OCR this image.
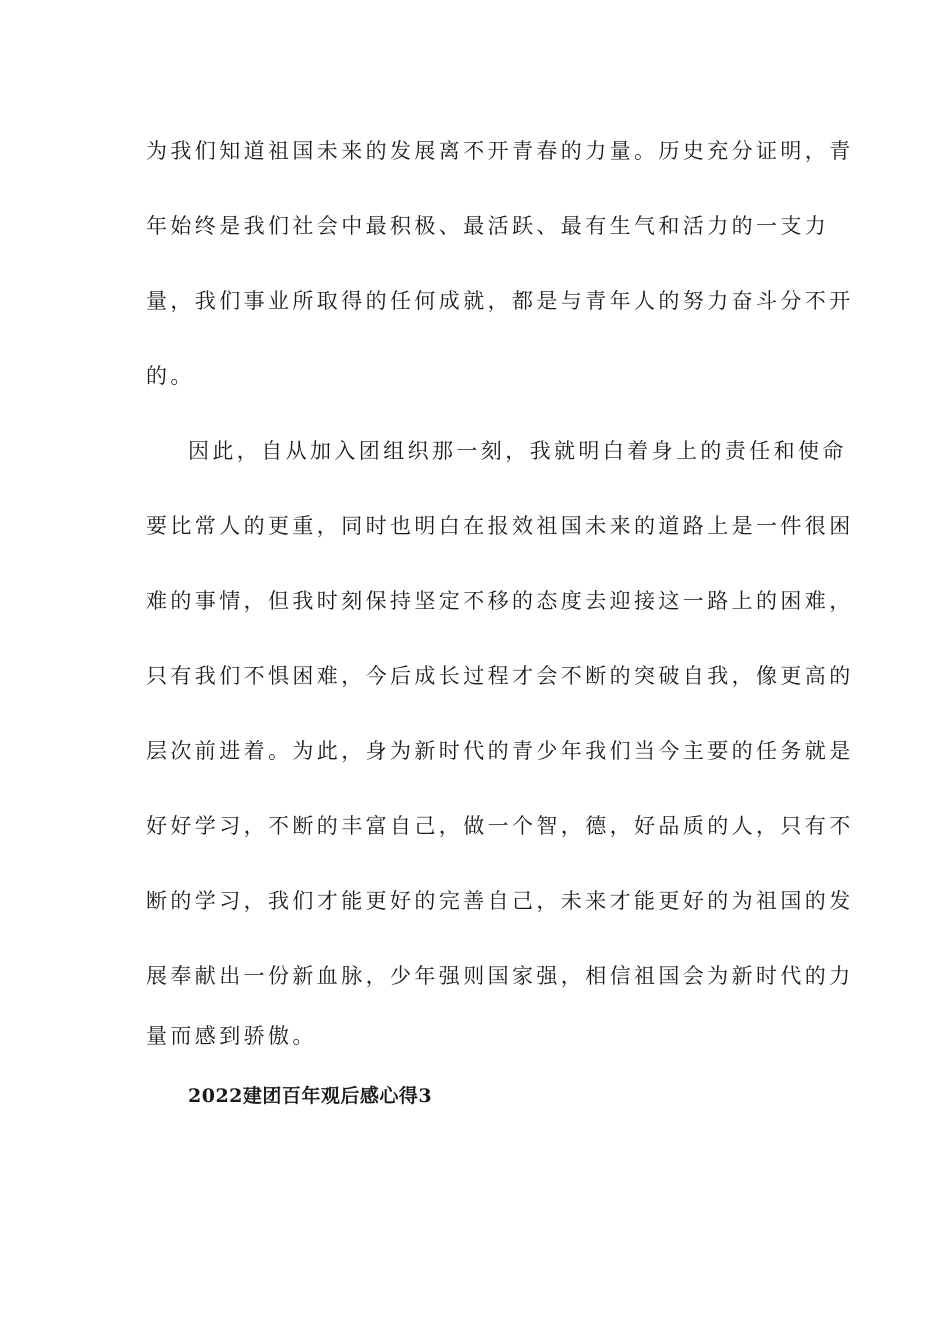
为我们知道祖国未来的发展离不开青春的力量。历史充分证明，青
年始终是我们社会中最积极、最活跃、最有生气和活力的一支力
量，我们事业所取得的任何成就，都是与青年人的努力奋斗分不开
的。
因此，自从加入团组织那一刻，我就明白着身上的责任和使命
要比常人的更重，同时也明白在报效祖国未来的道路上是一件很困
难的事情，但我时刻保持坚定不移的态度去迎接这一路上的困难，
只有我们不惧困难，今后成长过程才会不断的突破自我，像更高的
层次前进着。为此，身为新时代的青少年我们当今主要的任务就是
好好学习，不断的丰富自己，做一个智，德，好品质的人，只有不
断的学习，我们才能更好的完善自己，未来才能更好的为祖国的发
展奉献出一份新血脉，少年强则国家强，相信祖国会为新时代的力
量而感到骄傲。
2022建团百年观后感心得3
